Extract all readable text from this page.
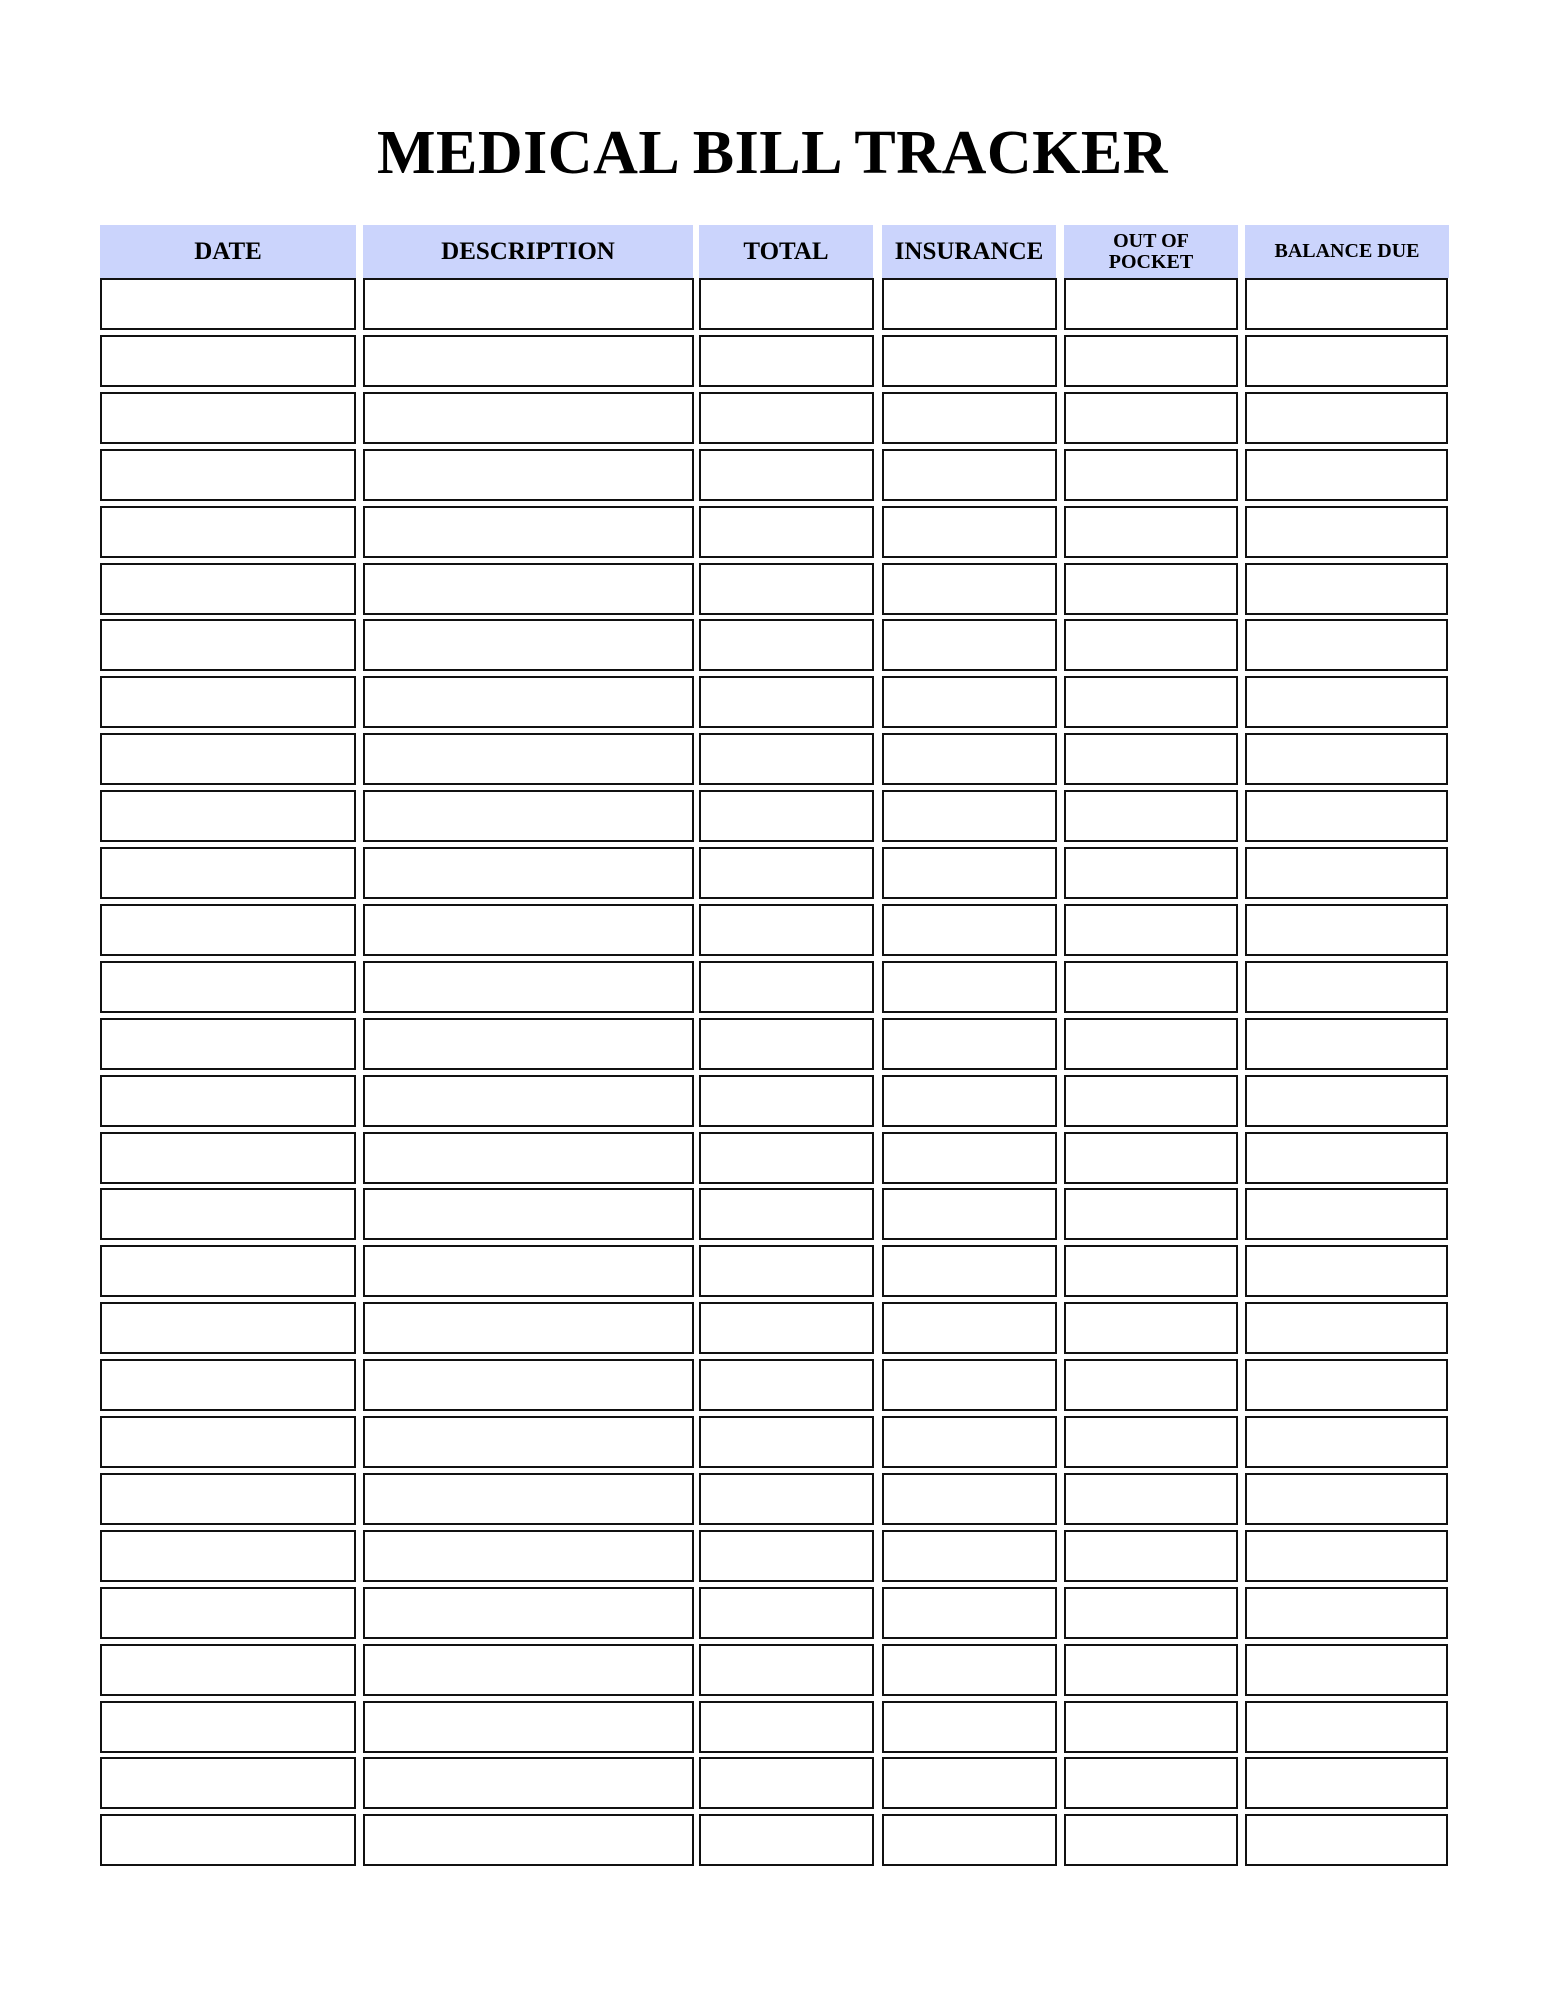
MEDICAL BILL TRACKER
DATE	DESCRIPTION	TOTAL	INSURANCE	OUT OF POCKET	BALANCE DUE
